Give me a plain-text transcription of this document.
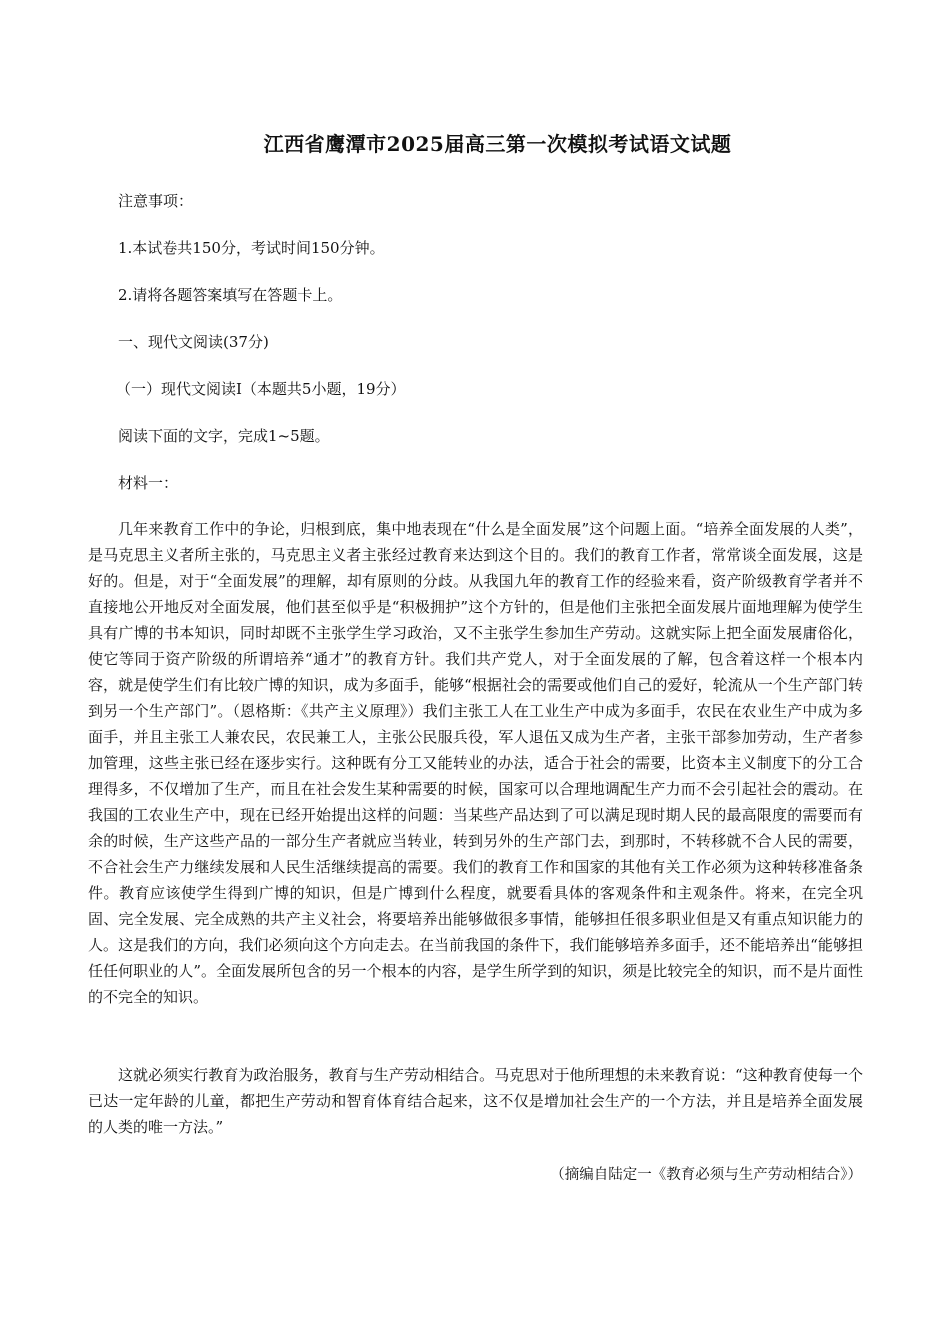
江西省鹰潭市2025届高三第一次模拟考试语文试题
注意事项：
1.本试卷共150分，考试时间150分钟。
2.请将各题答案填写在答题卡上。
一、现代文阅读(37分)
（一）现代文阅读Ⅰ（本题共5小题，19分）
阅读下面的文字，完成1~5题。
材料一：

几年来教育工作中的争论，归根到底，集中地表现在“什么是全面发展”这个问题上面。“培养全面发展的人类”，是马克思主义者所主张的，马克思主义者主张经过教育来达到这个目的。我们的教育工作者，常常谈全面发展，这是好的。但是，对于“全面发展”的理解，却有原则的分歧。从我国九年的教育工作的经验来看，资产阶级教育学者并不直接地公开地反对全面发展，他们甚至似乎是“积极拥护”这个方针的，但是他们主张把全面发展片面地理解为使学生具有广博的书本知识，同时却既不主张学生学习政治，又不主张学生参加生产劳动。这就实际上把全面发展庸俗化，使它等同于资产阶级的所谓培养“通才”的教育方针。我们共产党人，对于全面发展的了解，包含着这样一个根本内容，就是使学生们有比较广博的知识，成为多面手，能够“根据社会的需要或他们自己的爱好，轮流从一个生产部门转到另一个生产部门”。（恩格斯：《共产主义原理》）我们主张工人在工业生产中成为多面手，农民在农业生产中成为多面手，并且主张工人兼农民，农民兼工人，主张公民服兵役，军人退伍又成为生产者，主张干部参加劳动，生产者参加管理，这些主张已经在逐步实行。这种既有分工又能转业的办法，适合于社会的需要，比资本主义制度下的分工合理得多，不仅增加了生产，而且在社会发生某种需要的时候，国家可以合理地调配生产力而不会引起社会的震动。在我国的工农业生产中，现在已经开始提出这样的问题：当某些产品达到了可以满足现时期人民的最高限度的需要而有余的时候，生产这些产品的一部分生产者就应当转业，转到另外的生产部门去，到那时，不转移就不合人民的需要，不合社会生产力继续发展和人民生活继续提高的需要。我们的教育工作和国家的其他有关工作必须为这种转移准备条件。教育应该使学生得到广博的知识，但是广博到什么程度，就要看具体的客观条件和主观条件。将来，在完全巩固、完全发展、完全成熟的共产主义社会，将要培养出能够做很多事情，能够担任很多职业但是又有重点知识能力的人。这是我们的方向，我们必须向这个方向走去。在当前我国的条件下，我们能够培养多面手，还不能培养出“能够担任任何职业的人”。全面发展所包含的另一个根本的内容，是学生所学到的知识，须是比较完全的知识，而不是片面性的不完全的知识。

这就必须实行教育为政治服务，教育与生产劳动相结合。马克思对于他所理想的未来教育说：“这种教育使每一个已达一定年龄的儿童，都把生产劳动和智育体育结合起来，这不仅是增加社会生产的一个方法，并且是培养全面发展的人类的唯一方法。”

（摘编自陆定一《教育必须与生产劳动相结合》）
